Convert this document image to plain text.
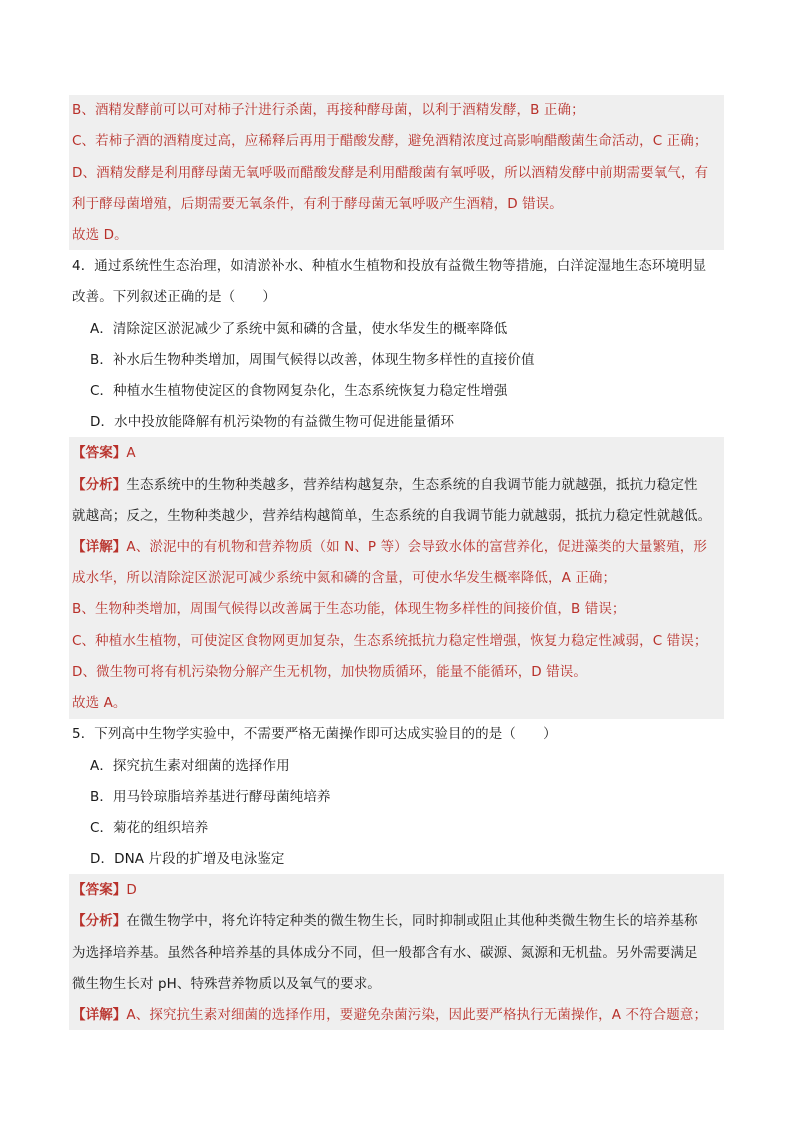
B、酒精发酵前可以可对柿子汁进行杀菌，再接种酵母菌，以利于酒精发酵，B 正确；
C、若柿子酒的酒精度过高，应稀释后再用于醋酸发酵，避免酒精浓度过高影响醋酸菌生命活动，C 正确；
D、酒精发酵是利用酵母菌无氧呼吸而醋酸发酵是利用醋酸菌有氧呼吸，所以酒精发酵中前期需要氧气，有
利于酵母菌增殖，后期需要无氧条件，有利于酵母菌无氧呼吸产生酒精，D 错误。
故选 D。
4．通过系统性生态治理，如清淤补水、种植水生植物和投放有益微生物等措施，白洋淀湿地生态环境明显
改善。下列叙述正确的是（　　）
A．清除淀区淤泥减少了系统中氮和磷的含量，使水华发生的概率降低
B．补水后生物种类增加，周围气候得以改善，体现生物多样性的直接价值
C．种植水生植物使淀区的食物网复杂化，生态系统恢复力稳定性增强
D．水中投放能降解有机污染物的有益微生物可促进能量循环
【答案】A
【分析】生态系统中的生物种类越多，营养结构越复杂，生态系统的自我调节能力就越强，抵抗力稳定性
就越高；反之，生物种类越少，营养结构越简单，生态系统的自我调节能力就越弱，抵抗力稳定性就越低。
【详解】A、淤泥中的有机物和营养物质（如 N、P 等）会导致水体的富营养化，促进藻类的大量繁殖，形
成水华，所以清除淀区淤泥可减少系统中氮和磷的含量，可使水华发生概率降低，A 正确；
B、生物种类增加，周围气候得以改善属于生态功能，体现生物多样性的间接价值，B 错误；
C、种植水生植物，可使淀区食物网更加复杂，生态系统抵抗力稳定性增强，恢复力稳定性减弱，C 错误；
D、微生物可将有机污染物分解产生无机物，加快物质循环，能量不能循环，D 错误。
故选 A。
5．下列高中生物学实验中，不需要严格无菌操作即可达成实验目的的是（　　）
A．探究抗生素对细菌的选择作用
B．用马铃琼脂培养基进行酵母菌纯培养
C．菊花的组织培养
D．DNA 片段的扩增及电泳鉴定
【答案】D
【分析】在微生物学中，将允许特定种类的微生物生长，同时抑制或阻止其他种类微生物生长的培养基称
为选择培养基。虽然各种培养基的具体成分不同，但一般都含有水、碳源、氮源和无机盐。另外需要满足
微生物生长对 pH、特殊营养物质以及氧气的要求。
【详解】A、探究抗生素对细菌的选择作用，要避免杂菌污染，因此要严格执行无菌操作，A 不符合题意；
